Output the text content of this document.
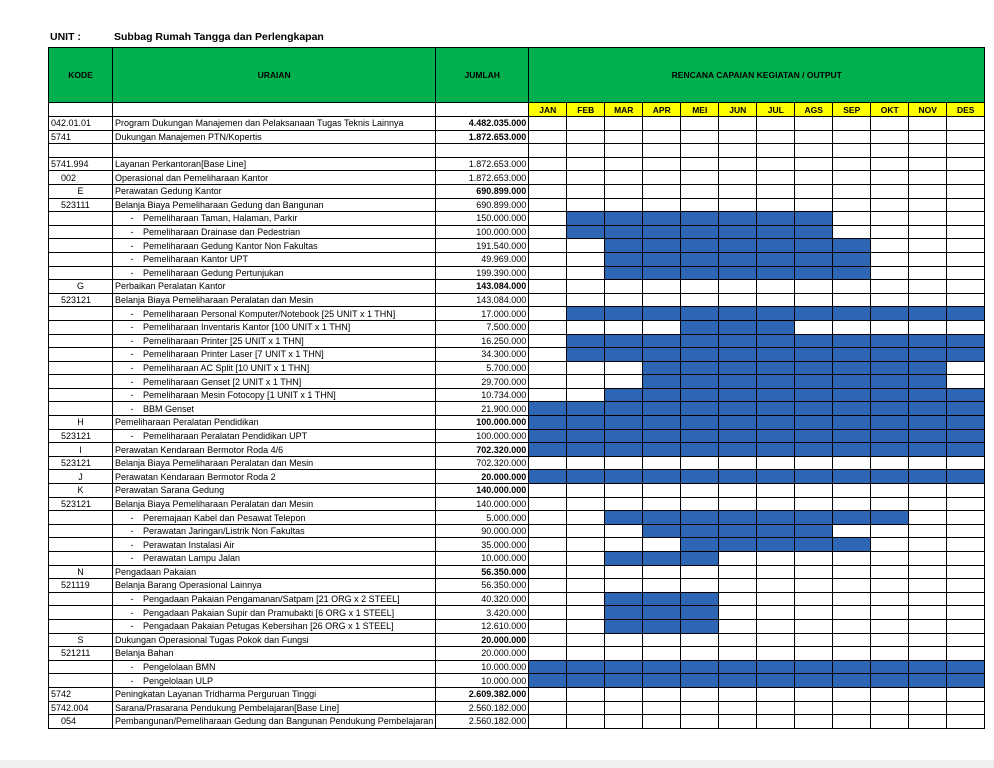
UNIT :	Subbag Rumah Tangga dan Perlengkapan
KODE	URAIAN	JUMLAH	RENCANA CAPAIAN KEGIATAN / OUTPUT											
			JAN	FEB	MAR	APR	MEI	JUN	JUL	AGS	SEP	OKT	NOV	DES
042.01.01	Program Dukungan Manajemen dan Pelaksanaan Tugas Teknis Lainnya	4.482.035.000												
5741	Dukungan Manajemen PTN/Kopertis	1.872.653.000												

5741.994	Layanan Perkantoran[Base Line]	1.872.653.000												
002	Operasional dan Pemeliharaan Kantor	1.872.653.000												
E	Perawatan Gedung Kantor	690.899.000												
523111	Belanja Biaya Pemeliharaan Gedung dan Bangunan	690.899.000												
	- Pemeliharaan Taman, Halaman, Parkir	150.000.000												
	- Pemeliharaan Drainase dan Pedestrian	100.000.000												
	- Pemeliharaan Gedung Kantor Non Fakultas	191.540.000												
	- Pemeliharaan Kantor UPT	49.969.000												
	- Pemeliharaan Gedung Pertunjukan	199.390.000												
G	Perbaikan Peralatan Kantor	143.084.000												
523121	Belanja Biaya Pemeliharaan Peralatan dan Mesin	143.084.000												
	- Pemeliharaan Personal Komputer/Notebook [25 UNIT x 1 THN]	17.000.000												
	- Pemeliharaan Inventaris Kantor [100 UNIT x 1 THN]	7.500.000												
	- Pemeliharaan Printer [25 UNIT x 1 THN]	16.250.000												
	- Pemeliharaan Printer Laser [7 UNIT x 1 THN]	34.300.000												
	- Pemeliharaan AC Split [10 UNIT x 1 THN]	5.700.000												
	- Pemeliharaan Genset [2 UNIT x 1 THN]	29.700.000												
	- Pemeliharaan Mesin Fotocopy [1 UNIT x 1 THN]	10.734.000												
	- BBM Genset	21.900.000												
H	Pemeliharaan Peralatan Pendidikan	100.000.000												
523121	- Pemeliharaan Peralatan Pendidikan UPT	100.000.000												
I	Perawatan Kendaraan Bermotor Roda 4/6	702.320.000												
523121	Belanja Biaya Pemeliharaan Peralatan dan Mesin	702.320.000												
J	Perawatan Kendaraan Bermotor Roda 2	20.000.000												
K	Perawatan Sarana Gedung	140.000.000												
523121	Belanja Biaya Pemeliharaan Peralatan dan Mesin	140.000.000												
	- Peremajaan Kabel dan Pesawat Telepon	5.000.000												
	- Perawatan Jaringan/Listrik Non Fakultas	90.000.000												
	- Perawatan Instalasi Air	35.000.000												
	- Perawatan Lampu Jalan	10.000.000												
N	Pengadaan Pakaian	56.350.000												
521119	Belanja Barang Operasional Lainnya	56.350.000												
	- Pengadaan Pakaian Pengamanan/Satpam [21 ORG x 2 STEEL]	40.320.000												
	- Pengadaan Pakaian Supir dan Pramubakti [6 ORG x 1 STEEL]	3.420.000												
	- Pengadaan Pakaian Petugas Kebersihan [26 ORG x 1 STEEL]	12.610.000												
S	Dukungan Operasional Tugas Pokok dan Fungsi	20.000.000												
521211	Belanja Bahan	20.000.000												
	- Pengelolaan BMN	10.000.000												
	- Pengelolaan ULP	10.000.000												
5742	Peningkatan Layanan Tridharma Perguruan Tinggi	2.609.382.000												
5742.004	Sarana/Prasarana Pendukung Pembelajaran[Base Line]	2.560.182.000												
054	Pembangunan/Pemeliharaan Gedung dan Bangunan Pendukung Pembelajaran	2.560.182.000												
